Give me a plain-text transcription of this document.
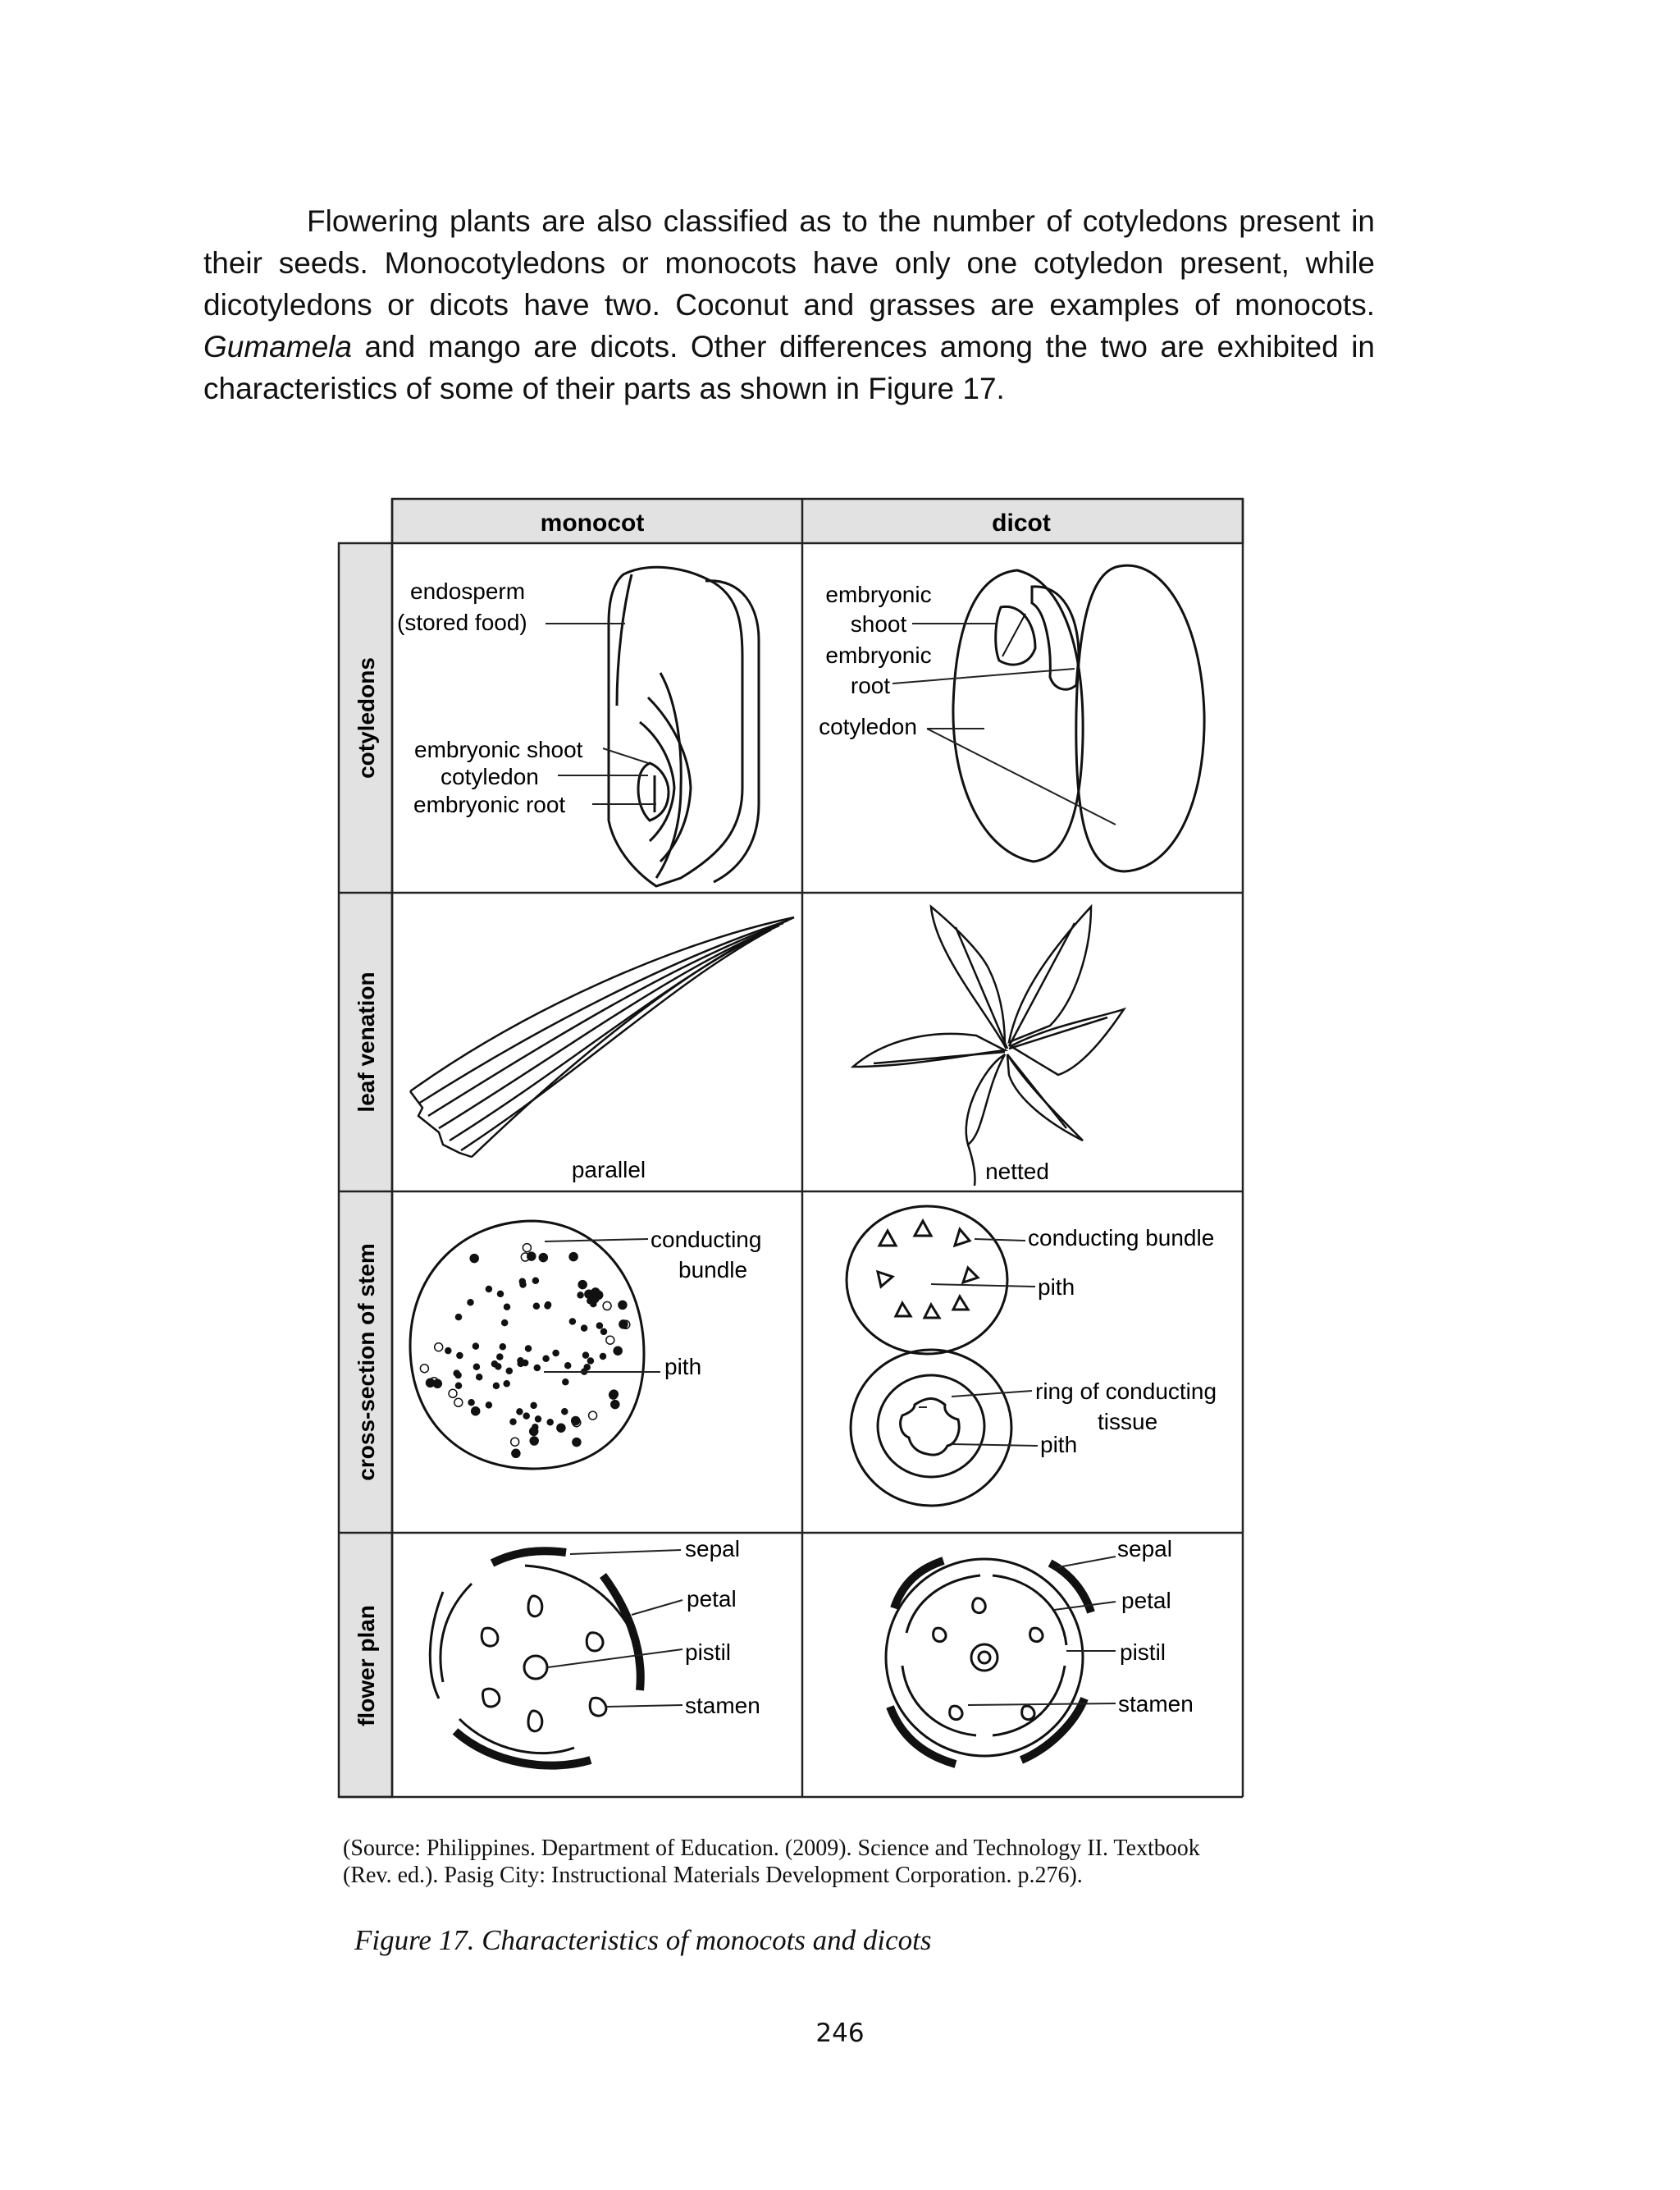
Flowering plants are also classified as to the number of cotyledons present in their seeds. Monocotyledons or monocots have only one cotyledon present, while dicotyledons or dicots have two. Coconut and grasses are examples of monocots. Gumamela and mango are dicots. Other differences among the two are exhibited in characteristics of some of their parts as shown in Figure 17.

monocot	dicot
cotyledons
leaf venation
cross-section of stem
flower plan
endosperm
(stored food)
embryonic shoot
cotyledon
embryonic root
embryonic
shoot
embryonic
root
cotyledon
parallel	netted
conducting
bundle
pith
conducting bundle
pith
ring of conducting
tissue
pith
sepal
petal
pistil
stamen
sepal
petal
pistil
stamen
(Source: Philippines. Department of Education. (2009). Science and Technology II. Textbook
(Rev. ed.). Pasig City: Instructional Materials Development Corporation. p.276).

Figure 17. Characteristics of monocots and dicots

246
